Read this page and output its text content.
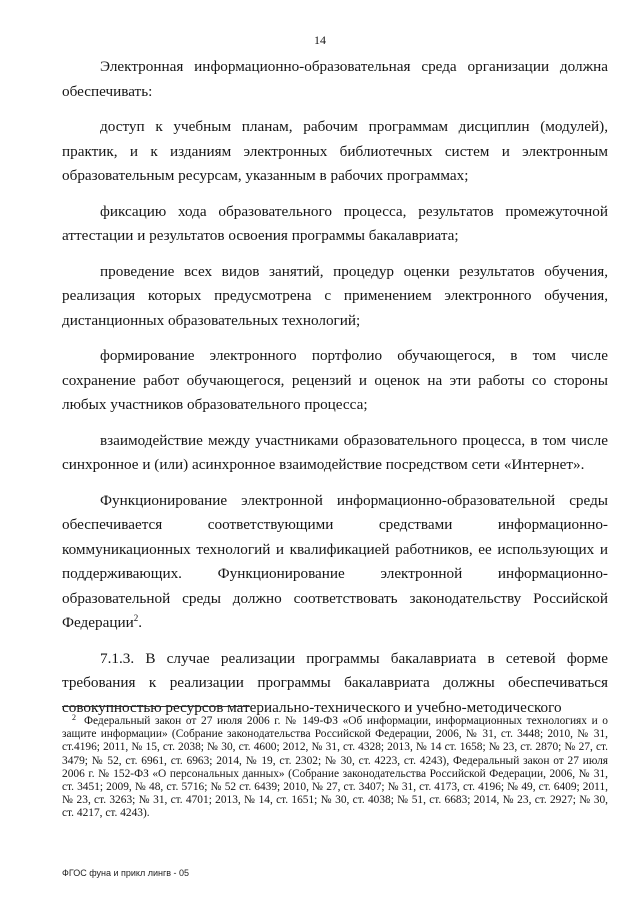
14

Электронная информационно-образовательная среда организации должна обеспечивать:

доступ к учебным планам, рабочим программам дисциплин (модулей), практик, и к изданиям электронных библиотечных систем и электронным образовательным ресурсам, указанным в рабочих программах;

фиксацию хода образовательного процесса, результатов промежуточной аттестации и результатов освоения программы бакалавриата;

проведение всех видов занятий, процедур оценки результатов обучения, реализация которых предусмотрена с применением электронного обучения, дистанционных образовательных технологий;

формирование электронного портфолио обучающегося, в том числе сохранение работ обучающегося, рецензий и оценок на эти работы со стороны любых участников образовательного процесса;

взаимодействие между участниками образовательного процесса, в том числе синхронное и (или) асинхронное взаимодействие посредством сети «Интернет».

Функционирование электронной информационно-образовательной среды обеспечивается соответствующими средствами информационно-коммуникационных технологий и квалификацией работников, ее использующих и поддерживающих. Функционирование электронной информационно-образовательной среды должно соответствовать законодательству Российской Федерации$^2$.

7.1.3. В случае реализации программы бакалавриата в сетевой форме требования к реализации программы бакалавриата должны обеспечиваться совокупностью ресурсов материально-технического и учебно-методического

$^2$ Федеральный закон от 27 июля 2006 г. № 149-ФЗ «Об информации, информационных технологиях и о защите информации» (Собрание законодательства Российской Федерации, 2006, № 31, ст. 3448; 2010, № 31, ст.4196; 2011, № 15, ст. 2038; № 30, ст. 4600; 2012, № 31, ст. 4328; 2013, № 14 ст. 1658; № 23, ст. 2870; № 27, ст. 3479; № 52, ст. 6961, ст. 6963; 2014, № 19, ст. 2302; № 30, ст. 4223, ст. 4243), Федеральный закон от 27 июля 2006 г. № 152-ФЗ «О персональных данных» (Собрание законодательства Российской Федерации, 2006, № 31, ст. 3451; 2009, № 48, ст. 5716; № 52 ст. 6439; 2010, № 27, ст. 3407; № 31, ст. 4173, ст. 4196; № 49, ст. 6409; 2011, № 23, ст. 3263; № 31, ст. 4701; 2013, № 14, ст. 1651; № 30, ст. 4038; № 51, ст. 6683; 2014, № 23, ст. 2927; № 30, ст. 4217, ст. 4243).
ФГОС фуна и прикл лингв - 05
